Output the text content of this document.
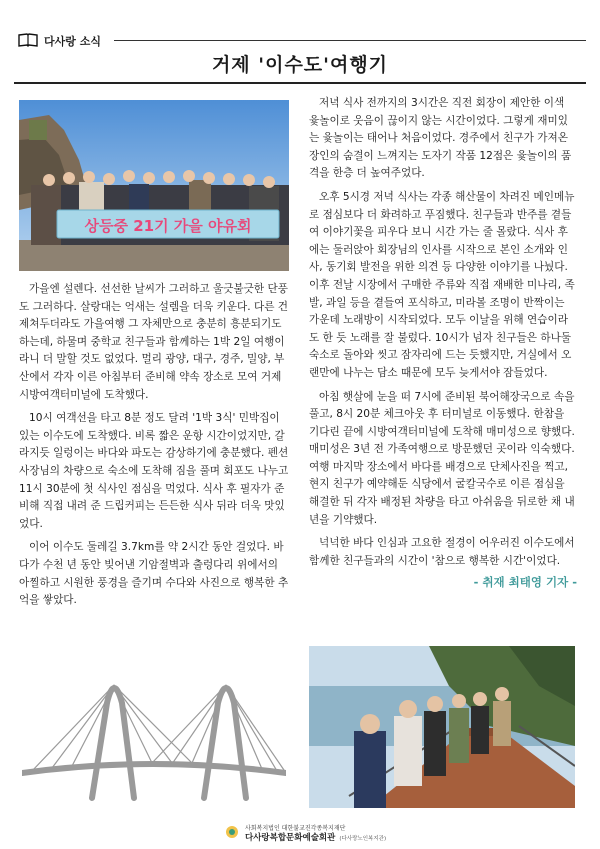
다사랑 소식
거제 '이수도'여행기
상등중 21기 가을 야유회

가을엔 설렌다. 선선한 날씨가 그러하고 울긋불긋한 단풍도 그러하다. 살랑대는 억새는 설렘을 더욱 키운다. 다른 건 제쳐두더라도 가을여행 그 자체만으로 충분히 흥분되기도 하는데, 하물며 중학교 친구들과 함께하는 1박 2일 여행이라니 더 말할 것도 없었다. 멀리 광양, 대구, 경주, 밀양, 부산에서 각자 이른 아침부터 준비해 약속 장소로 모여 거제 시방여객터미널에 도착했다.

10시 여객선을 타고 8분 정도 달려 '1박 3식' 민박집이 있는 이수도에 도착했다. 비록 짧은 운항 시간이었지만, 갈라지듯 일렁이는 바다와 파도는 감상하기에 충분했다. 펜션 사장님의 차량으로 숙소에 도착해 짐을 풀며 회포도 나누고 11시 30분에 첫 식사인 점심을 먹었다. 식사 후 필자가 준비해 직접 내려 준 드립커피는 든든한 식사 뒤라 더욱 맛있었다.

이어 이수도 둘레길 3.7km를 약 2시간 동안 걸었다. 바다가 수천 년 동안 빚어낸 기암절벽과 출렁다리 위에서의 아찔하고 시원한 풍경을 즐기며 수다와 사진으로 행복한 추억을 쌓았다.

저녁 식사 전까지의 3시간은 직전 회장이 제안한 이색 윷놀이로 웃음이 끊이지 않는 시간이었다. 그렇게 재미있는 윷놀이는 태어나 처음이었다. 경주에서 친구가 가져온 장인의 숨결이 느껴지는 도자기 작품 12점은 윷놀이의 품격을 한층 더 높여주었다.

오후 5시경 저녁 식사는 각종 해산물이 차려진 메인메뉴로 점심보다 더 화려하고 푸짐했다. 친구들과 반주를 곁들여 이야기꽃을 피우다 보니 시간 가는 줄 몰랐다. 식사 후에는 둘러앉아 회장님의 인사를 시작으로 본인 소개와 인사, 동기회 발전을 위한 의견 등 다양한 이야기를 나눴다. 이후 전날 시장에서 구매한 주류와 직접 재배한 미나리, 족발, 과일 등을 곁들여 포식하고, 미라볼 조명이 반짝이는 가운데 노래방이 시작되었다. 모두 이날을 위해 연습이라도 한 듯 노래를 잘 불렀다. 10시가 넘자 친구들은 하나둘 숙소로 돌아와 씻고 잠자리에 드는 듯했지만, 거실에서 오랜만에 나누는 담소 때문에 모두 늦게서야 잠들었다.

아침 햇살에 눈을 떠 7시에 준비된 북어해장국으로 속을 풀고, 8시 20분 체크아웃 후 터미널로 이동했다. 한참을 기다린 끝에 시방여객터미널에 도착해 매미성으로 향했다. 매미성은 3년 전 가족여행으로 방문했던 곳이라 익숙했다. 여행 마지막 장소에서 바다를 배경으로 단체사진을 찍고, 현지 친구가 예약해둔 식당에서 굴칼국수로 이른 점심을 해결한 뒤 각자 배정된 차량을 타고 아쉬움을 뒤로한 채 내년을 기약했다.

넉넉한 바다 인심과 고요한 절경이 어우러진 이수도에서 함께한 친구들과의 시간이 '참으로 행복한 시간'이었다.

- 취재 최태영 기자 -
사회복지법인 대한불교진각종복지재단
다사랑복합문화예술회관 (다사랑노인복지관)
